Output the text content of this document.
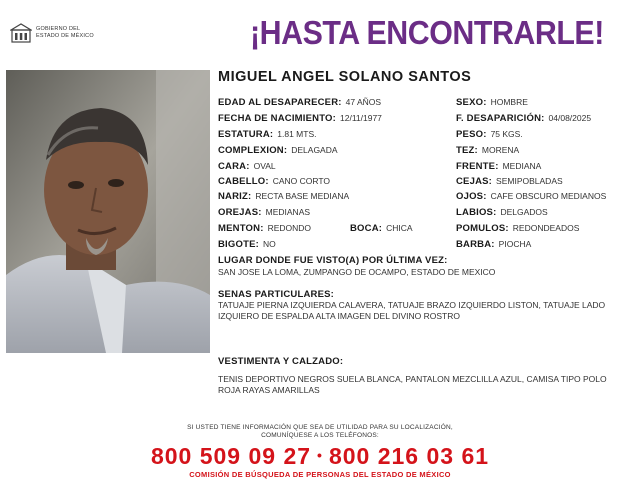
GOBIERNO DEL
ESTADO DE MÉXICO	¡HASTA ENCONTRARLE!
MIGUEL ANGEL SOLANO SANTOS
EDAD AL DESAPARECER: 47 AÑOS
FECHA DE NACIMIENTO: 12/11/1977
ESTATURA: 1.81 MTS.
COMPLEXION: DELAGADA
CARA: OVAL
CABELLO: CANO CORTO
NARIZ: RECTA BASE MEDIANA
OREJAS: MEDIANAS
MENTON: REDONDO	BOCA: CHICA
BIGOTE: NO
SEXO: HOMBRE
F. DESAPARICIÓN: 04/08/2025
PESO: 75 KGS.
TEZ: MORENA
FRENTE: MEDIANA
CEJAS: SEMIPOBLADAS
OJOS: CAFE OBSCURO MEDIANOS
LABIOS: DELGADOS
POMULOS: REDONDEADOS
BARBA: PIOCHA
LUGAR DONDE FUE VISTO(A) POR ÚLTIMA VEZ:
SAN JOSE LA LOMA, ZUMPANGO DE OCAMPO, ESTADO DE MEXICO
SENAS PARTICULARES:
TATUAJE PIERNA IZQUIERDA CALAVERA, TATUAJE BRAZO IZQUIERDO LISTON, TATUAJE LADO IZQUIERO DE ESPALDA ALTA IMAGEN DEL DIVINO ROSTRO
VESTIMENTA Y CALZADO:
TENIS DEPORTIVO NEGROS SUELA BLANCA, PANTALON MEZCLILLA AZUL, CAMISA TIPO POLO ROJA RAYAS AMARILLAS
SI USTED TIENE INFORMACIÓN QUE SEA DE UTILIDAD PARA SU LOCALIZACIÓN,
COMUNÍQUESE A LOS TELÉFONOS:
800 509 09 27 • 800 216 03 61
COMISIÓN DE BÚSQUEDA DE PERSONAS DEL ESTADO DE MÉXICO
